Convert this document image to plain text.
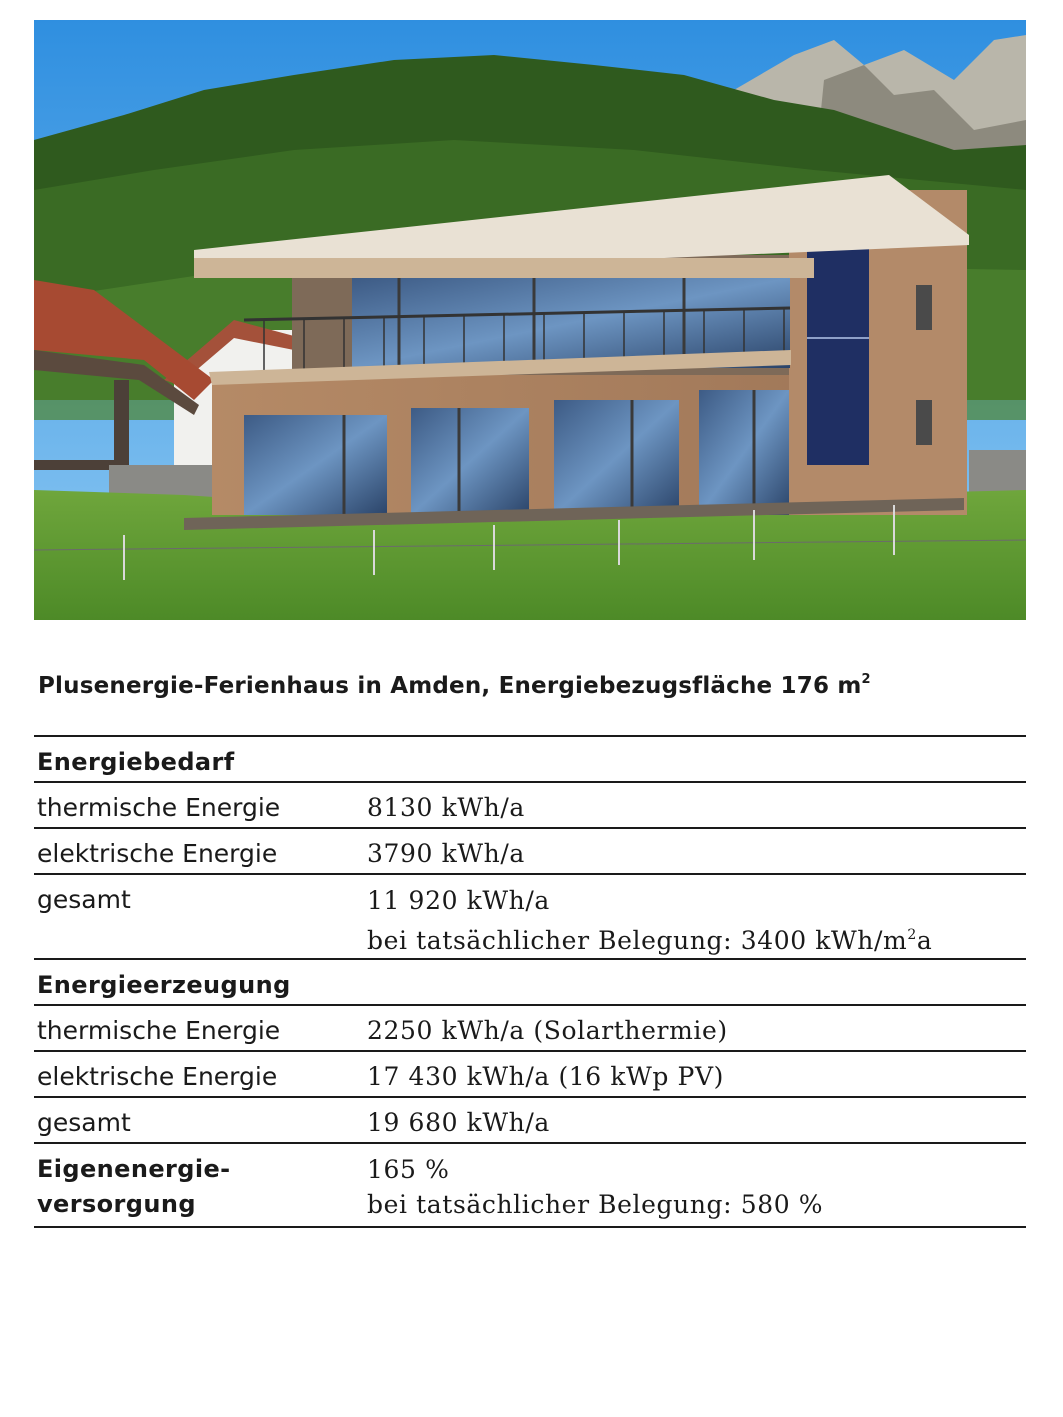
Plusenergie-Ferienhaus in Amden, Energiebezugsfläche 176 $m^2$
Energiebedarf	

thermische Energie	8130 kWh/a

elektrische Energie	3790 kWh/a

gesamt	11 920 kWh/a
bei tatsächlicher Belegung: 3400 kWh/$m^2a$

Energieerzeugung	

thermische Energie	2250 kWh/a (Solarthermie)

elektrische Energie	17 430 kWh/a (16 kWp PV)

gesamt	19 680 kWh/a

Eigenenergie-
versorgung	165 %
bei tatsächlicher Belegung: 580 %
